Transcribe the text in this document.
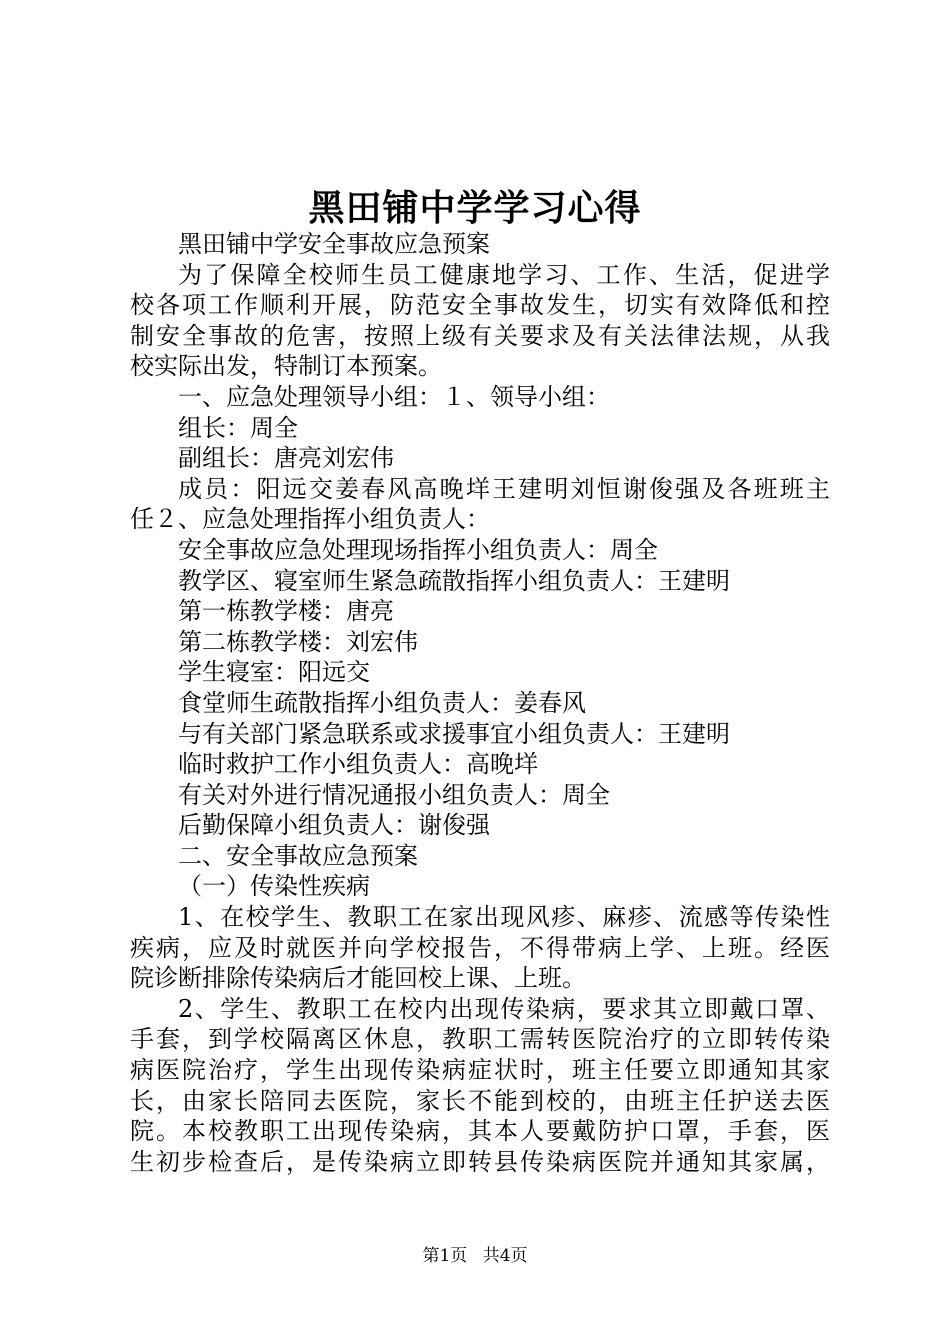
黑田铺中学学习心得
黑田铺中学安全事故应急预案
为了保障全校师生员工健康地学习、工作、生活，促进学
校各项工作顺利开展，防范安全事故发生，切实有效降低和控
制安全事故的危害，按照上级有关要求及有关法律法规，从我
校实际出发，特制订本预案。
一、应急处理领导小组：１、领导小组：
组长：周全
副组长：唐亮刘宏伟
成员：阳远交姜春风高晚垟王建明刘恒谢俊强及各班班主
任２、应急处理指挥小组负责人：
安全事故应急处理现场指挥小组负责人：周全
教学区、寝室师生紧急疏散指挥小组负责人：王建明
第一栋教学楼：唐亮
第二栋教学楼：刘宏伟
学生寝室：阳远交
食堂师生疏散指挥小组负责人：姜春风
与有关部门紧急联系或求援事宜小组负责人：王建明
临时救护工作小组负责人：高晚垟
有关对外进行情况通报小组负责人：周全
后勤保障小组负责人：谢俊强
二、安全事故应急预案
（一）传染性疾病
1、在校学生、教职工在家出现风疹、麻疹、流感等传染性
疾病，应及时就医并向学校报告，不得带病上学、上班。经医
院诊断排除传染病后才能回校上课、上班。
2、学生、教职工在校内出现传染病，要求其立即戴口罩、
手套，到学校隔离区休息，教职工需转医院治疗的立即转传染
病医院治疗，学生出现传染病症状时，班主任要立即通知其家
长，由家长陪同去医院，家长不能到校的，由班主任护送去医
院。本校教职工出现传染病，其本人要戴防护口罩，手套，医
生初步检查后，是传染病立即转县传染病医院并通知其家属，
第1页 共4页
